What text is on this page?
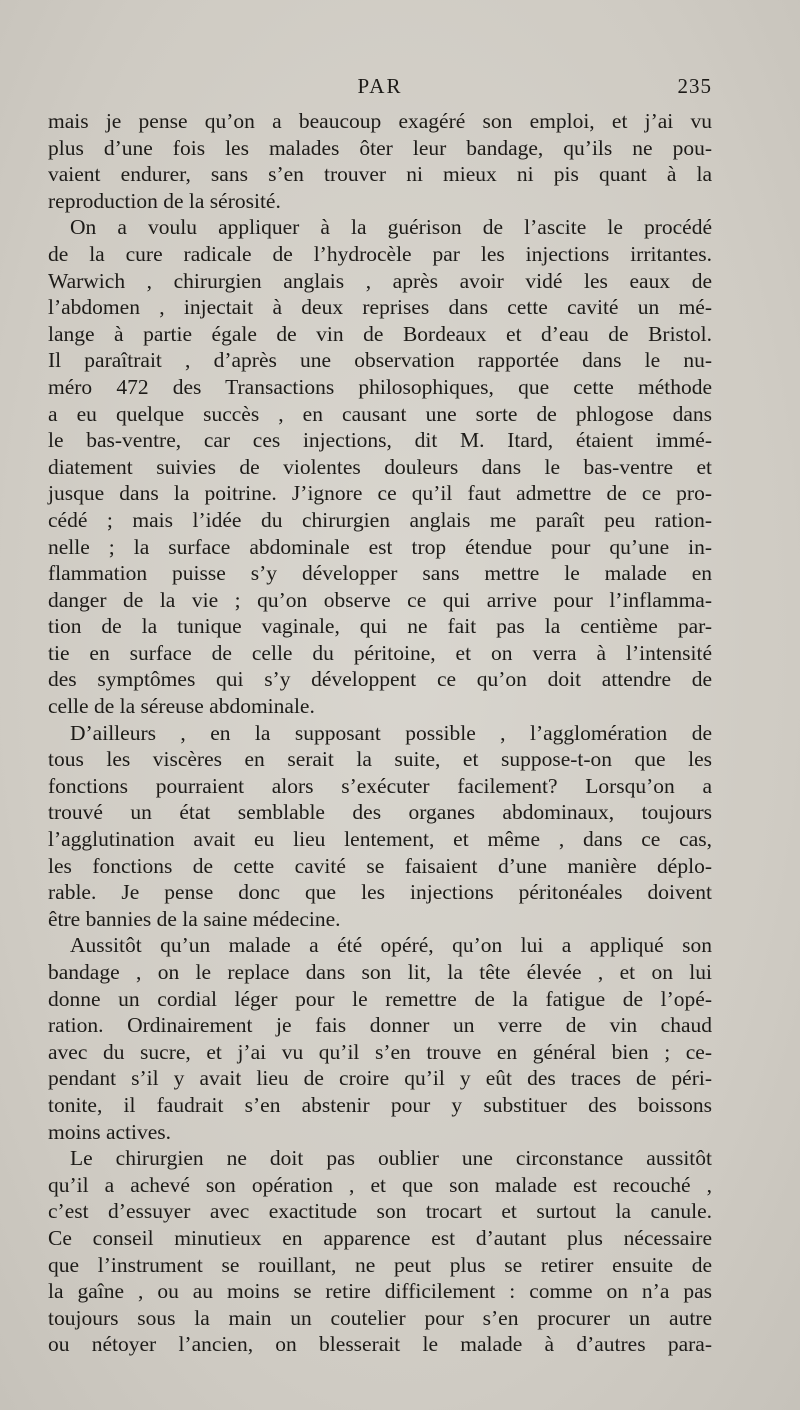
PAR	235
mais je pense qu’on a beaucoup exagéré son emploi, et j’ai vu
plus d’une fois les malades ôter leur bandage, qu’ils ne pou-
vaient endurer, sans s’en trouver ni mieux ni pis quant à la
reproduction de la sérosité.
On a voulu appliquer à la guérison de l’ascite le procédé
de la cure radicale de l’hydrocèle par les injections irritantes.
Warwich , chirurgien anglais , après avoir vidé les eaux de
l’abdomen , injectait à deux reprises dans cette cavité un mé-
lange à partie égale de vin de Bordeaux et d’eau de Bristol.
Il paraîtrait , d’après une observation rapportée dans le nu-
méro 472 des Transactions philosophiques, que cette méthode
a eu quelque succès , en causant une sorte de phlogose dans
le bas-ventre, car ces injections, dit M. Itard, étaient immé-
diatement suivies de violentes douleurs dans le bas-ventre et
jusque dans la poitrine. J’ignore ce qu’il faut admettre de ce pro-
cédé ; mais l’idée du chirurgien anglais me paraît peu ration-
nelle ; la surface abdominale est trop étendue pour qu’une in-
flammation puisse s’y développer sans mettre le malade en
danger de la vie ; qu’on observe ce qui arrive pour l’inflamma-
tion de la tunique vaginale, qui ne fait pas la centième par-
tie en surface de celle du péritoine, et on verra à l’intensité
des symptômes qui s’y développent ce qu’on doit attendre de
celle de la séreuse abdominale.
D’ailleurs , en la supposant possible , l’agglomération de
tous les viscères en serait la suite, et suppose-t-on que les
fonctions pourraient alors s’exécuter facilement? Lorsqu’on a
trouvé un état semblable des organes abdominaux, toujours
l’agglutination avait eu lieu lentement, et même , dans ce cas,
les fonctions de cette cavité se faisaient d’une manière déplo-
rable. Je pense donc que les injections péritonéales doivent
être bannies de la saine médecine.
Aussitôt qu’un malade a été opéré, qu’on lui a appliqué son
bandage , on le replace dans son lit, la tête élevée , et on lui
donne un cordial léger pour le remettre de la fatigue de l’opé-
ration. Ordinairement je fais donner un verre de vin chaud
avec du sucre, et j’ai vu qu’il s’en trouve en général bien ; ce-
pendant s’il y avait lieu de croire qu’il y eût des traces de péri-
tonite, il faudrait s’en abstenir pour y substituer des boissons
moins actives.
Le chirurgien ne doit pas oublier une circonstance aussitôt
qu’il a achevé son opération , et que son malade est recouché ,
c’est d’essuyer avec exactitude son trocart et surtout la canule.
Ce conseil minutieux en apparence est d’autant plus nécessaire
que l’instrument se rouillant, ne peut plus se retirer ensuite de
la gaîne , ou au moins se retire difficilement : comme on n’a pas
toujours sous la main un coutelier pour s’en procurer un autre
ou nétoyer l’ancien, on blesserait le malade à d’autres para-
